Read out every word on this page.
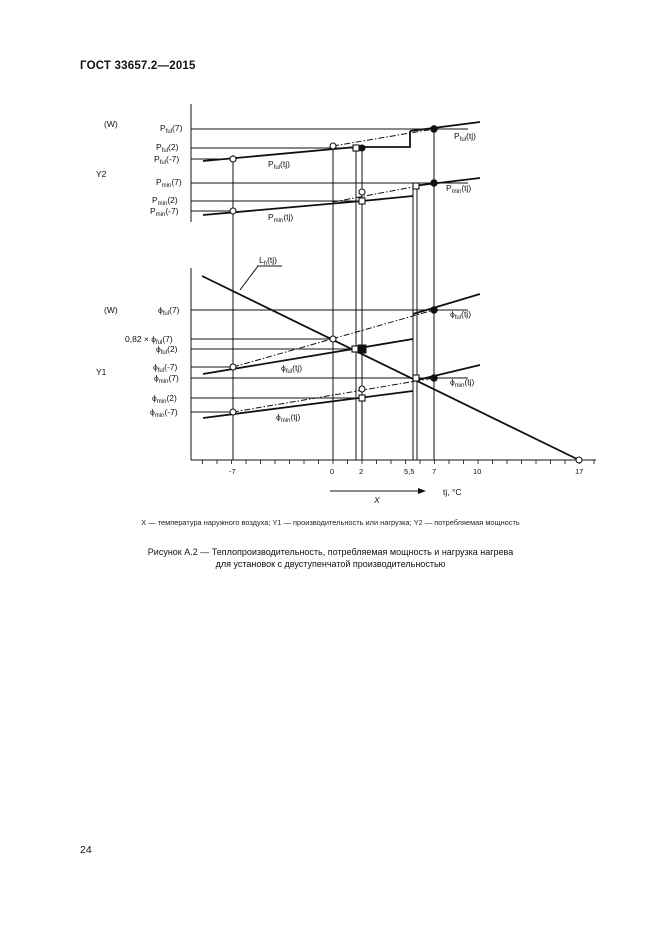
ГОСТ 33657.2—2015
(W)
Y2
$P_{ful}(7)$
$P_{ful}(2)$
$P_{ful}(-7)$
$P_{min}(7)$
$P_{min}(2)$
$P_{min}(-7)$
$P_{ful}(tj)$
$P_{ful}(tj)$
$P_{min}(tj)$
$P_{min}(tj)$
(W)
Y1
$\phi_{ful}(7)$
$0,82 \times \phi_{ful}(7)$
$\phi_{ful}(2)$
$\phi_{ful}(-7)$
$\phi_{min}(7)$
$\phi_{min}(2)$
$\phi_{min}(-7)$
$L_h(tj)$
$\phi_{ful}(tj)$
$\phi_{ful}(tj)$
$\phi_{min}(tj)$
$\phi_{min}(tj)$
-7	0	2	5,5 7	10	17
X
tj, °C
X — температура наружного воздуха; Y1 — производительность или нагрузка; Y2 — потребляемая мощность
Рисунок А.2 — Теплопроизводительность, потребляемая мощность и нагрузка нагрева
для установок с двуступенчатой производительностью
24
